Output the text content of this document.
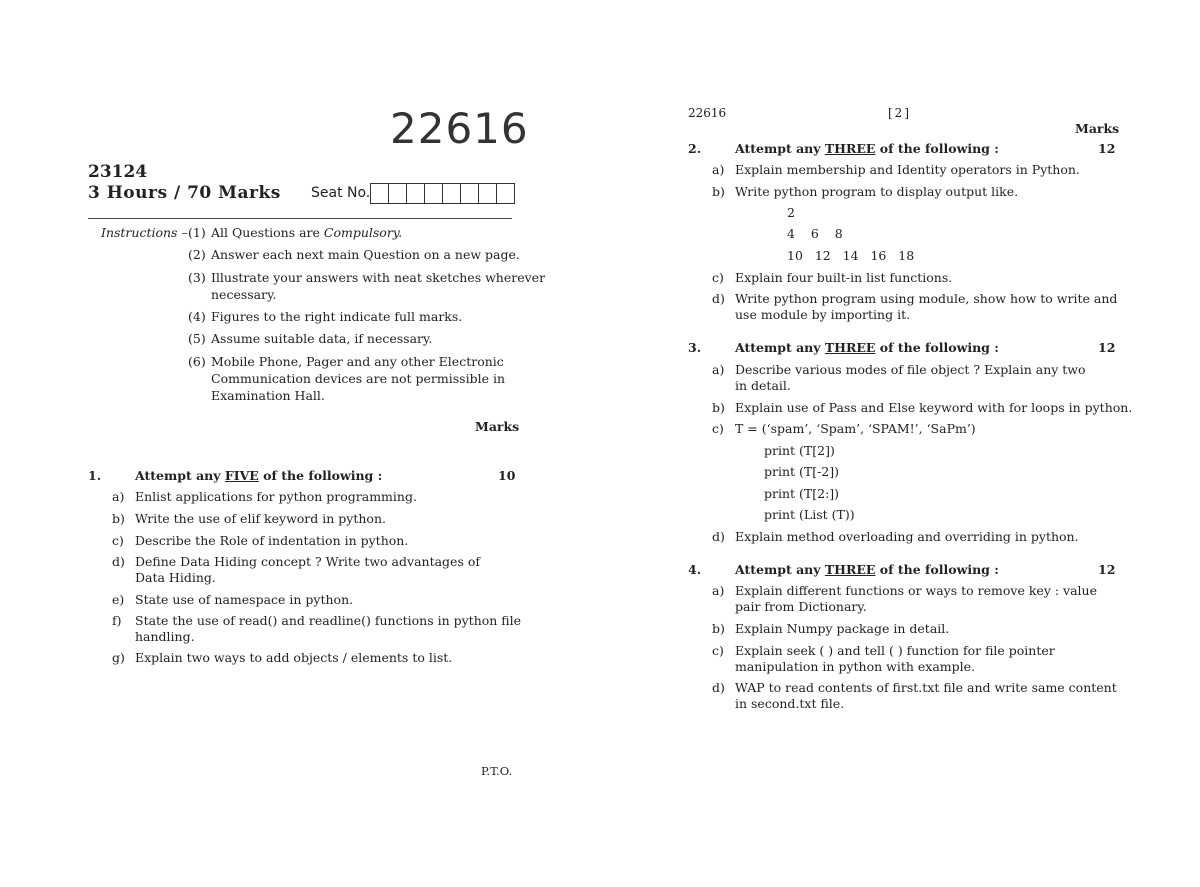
22616
23124
3 Hours / 70 Marks Seat No.
Instructions – (1) All Questions are Compulsory.
(2) Answer each next main Question on a new page.
(3) Illustrate your answers with neat sketches wherever
necessary.
(4) Figures to the right indicate full marks.
(5) Assume suitable data, if necessary.
(6) Mobile Phone, Pager and any other Electronic
Communication devices are not permissible in
Examination Hall.
Marks
1.	Attempt any FIVE of the following :	10
a) Enlist applications for python programming.
b) Write the use of elif keyword in python.
c) Describe the Role of indentation in python.
d) Define Data Hiding concept ? Write two advantages of
Data Hiding.
e) State use of namespace in python.
f) State the use of read() and readline() functions in python file
handling.
g) Explain two ways to add objects / elements to list.
P.T.O.
22616	[2]
Marks
2.	Attempt any THREE of the following :	12
a) Explain membership and Identity operators in Python.
b) Write python program to display output like.
2
4    6    8
10   12   14   16   18
c) Explain four built-in list functions.
d) Write python program using module, show how to write and
use module by importing it.
3.	Attempt any THREE of the following :	12
a) Describe various modes of file object ? Explain any two
in detail.
b) Explain use of Pass and Else keyword with for loops in python.
c) T = (‘spam’, ‘Spam’, ‘SPAM!’, ‘SaPm’)
print (T[2])
print (T[-2])
print (T[2:])
print (List (T))
d) Explain method overloading and overriding in python.
4.	Attempt any THREE of the following :	12
a) Explain different functions or ways to remove key : value
pair from Dictionary.
b) Explain Numpy package in detail.
c) Explain seek ( ) and tell ( ) function for file pointer
manipulation in python with example.
d) WAP to read contents of first.txt file and write same content
in second.txt file.
